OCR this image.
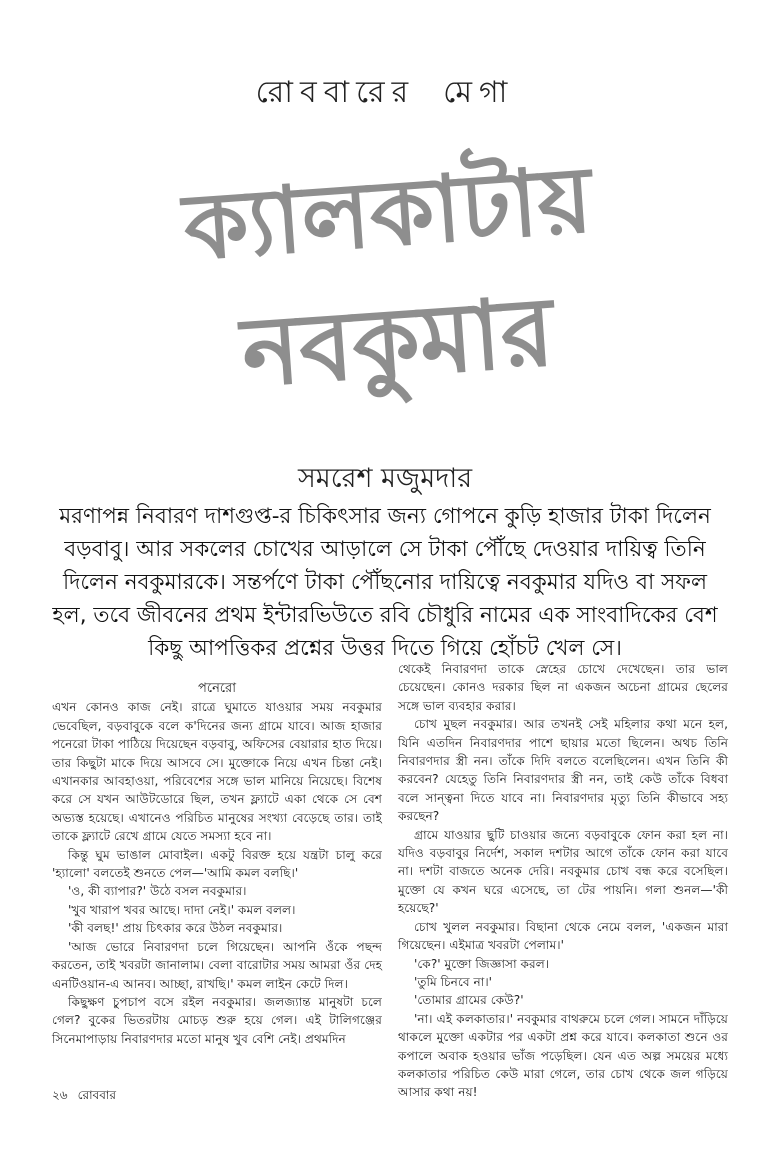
রোববারের মেগা
ক্যালকাটায়
নবকুমার
সমরেশ মজুমদার
মরণাপন্ন নিবারণ দাশগুপ্ত-র চিকিৎসার জন্য গোপনে কুড়ি হাজার টাকা দিলেন বড়বাবু। আর সকলের চোখের আড়ালে সে টাকা পৌঁছে দেওয়ার দায়িত্ব তিনি দিলেন নবকুমারকে। সন্তর্পণে টাকা পৌঁছনোর দায়িত্বে নবকুমার যদিও বা সফল হল, তবে জীবনের প্রথম ইন্টারভিউতে রবি চৌধুরি নামের এক সাংবাদিকের বেশ কিছু আপত্তিকর প্রশ্নের উত্তর দিতে গিয়ে হোঁচট খেল সে।

পনেরো

এখন কোনও কাজ নেই। রাত্রে ঘুমাতে যাওয়ার সময় নবকুমার ভেবেছিল, বড়বাবুকে বলে ক'দিনের জন্য গ্রামে যাবে। আজ হাজার পনেরো টাকা পাঠিয়ে দিয়েছেন বড়বাবু, অফিসের বেয়ারার হাত দিয়ে। তার কিছুটা মাকে দিয়ে আসবে সে। মুক্তোকে নিয়ে এখন চিন্তা নেই। এখানকার আবহাওয়া, পরিবেশের সঙ্গে ভাল মানিয়ে নিয়েছে। বিশেষ করে সে যখন আউটডোরে ছিল, তখন ফ্ল্যাটে একা থেকে সে বেশ অভ্যস্ত হয়েছে। এখানেও পরিচিত মানুষের সংখ্যা বেড়েছে তার। তাই তাকে ফ্ল্যাটে রেখে গ্রামে যেতে সমস্যা হবে না।

কিন্তু ঘুম ভাঙাল মোবাইল। একটু বিরক্ত হয়ে যন্ত্রটা চালু করে 'হ্যালো' বলতেই শুনতে পেল—'আমি কমল বলছি।'

'ও, কী ব্যাপার?' উঠে বসল নবকুমার।

'খুব খারাপ খবর আছে। দাদা নেই।' কমল বলল।

'কী বলছ!' প্রায় চিৎকার করে উঠল নবকুমার।

'আজ ভোরে নিবারণদা চলে গিয়েছেন। আপনি ওঁকে পছন্দ করতেন, তাই খবরটা জানালাম। বেলা বারোটার সময় আমরা ওঁর দেহ এনটিওয়ান-এ আনব। আচ্ছা, রাখছি।' কমল লাইন কেটে দিল।

কিছুক্ষণ চুপচাপ বসে রইল নবকুমার। জলজ্যান্ত মানুষটা চলে গেল? বুকের ভিতরটায় মোচড় শুরু হয়ে গেল। এই টালিগঞ্জের সিনেমাপাড়ায় নিবারণদার মতো মানুষ খুব বেশি নেই। প্রথমদিন

থেকেই নিবারণদা তাকে স্নেহের চোখে দেখেছেন। তার ভাল চেয়েছেন। কোনও দরকার ছিল না একজন অচেনা গ্রামের ছেলের সঙ্গে ভাল ব্যবহার করার।

চোখ মুছল নবকুমার। আর তখনই সেই মহিলার কথা মনে হল, যিনি এতদিন নিবারণদার পাশে ছায়ার মতো ছিলেন। অথচ তিনি নিবারণদার স্ত্রী নন। তাঁকে দিদি বলতে বলেছিলেন। এখন তিনি কী করবেন? যেহেতু তিনি নিবারণদার স্ত্রী নন, তাই কেউ তাঁকে বিধবা বলে সান্ত্বনা দিতে যাবে না। নিবারণদার মৃত্যু তিনি কীভাবে সহ্য করছেন?

গ্রামে যাওয়ার ছুটি চাওয়ার জন্যে বড়বাবুকে ফোন করা হল না। যদিও বড়বাবুর নির্দেশ, সকাল দশটার আগে তাঁকে ফোন করা যাবে না। দশটা বাজতে অনেক দেরি। নবকুমার চোখ বন্ধ করে বসেছিল। মুক্তো যে কখন ঘরে এসেছে, তা টের পায়নি। গলা শুনল—'কী হয়েছে?'

চোখ খুলল নবকুমার। বিছানা থেকে নেমে বলল, 'একজন মারা গিয়েছেন। এইমাত্র খবরটা পেলাম।'

'কে?' মুক্তো জিজ্ঞাসা করল।

'তুমি চিনবে না।'

'তোমার গ্রামের কেউ?'

'না। এই কলকাতার।' নবকুমার বাথরুমে চলে গেল। সামনে দাঁড়িয়ে থাকলে মুক্তো একটার পর একটা প্রশ্ন করে যাবে। কলকাতা শুনে ওর কপালে অবাক হওয়ার ভাঁজ পড়েছিল। যেন এত অল্প সময়ের মধ্যে কলকাতার পরিচিত কেউ মারা গেলে, তার চোখ থেকে জল গড়িয়ে আসার কথা নয়!

২৬ রোববার
